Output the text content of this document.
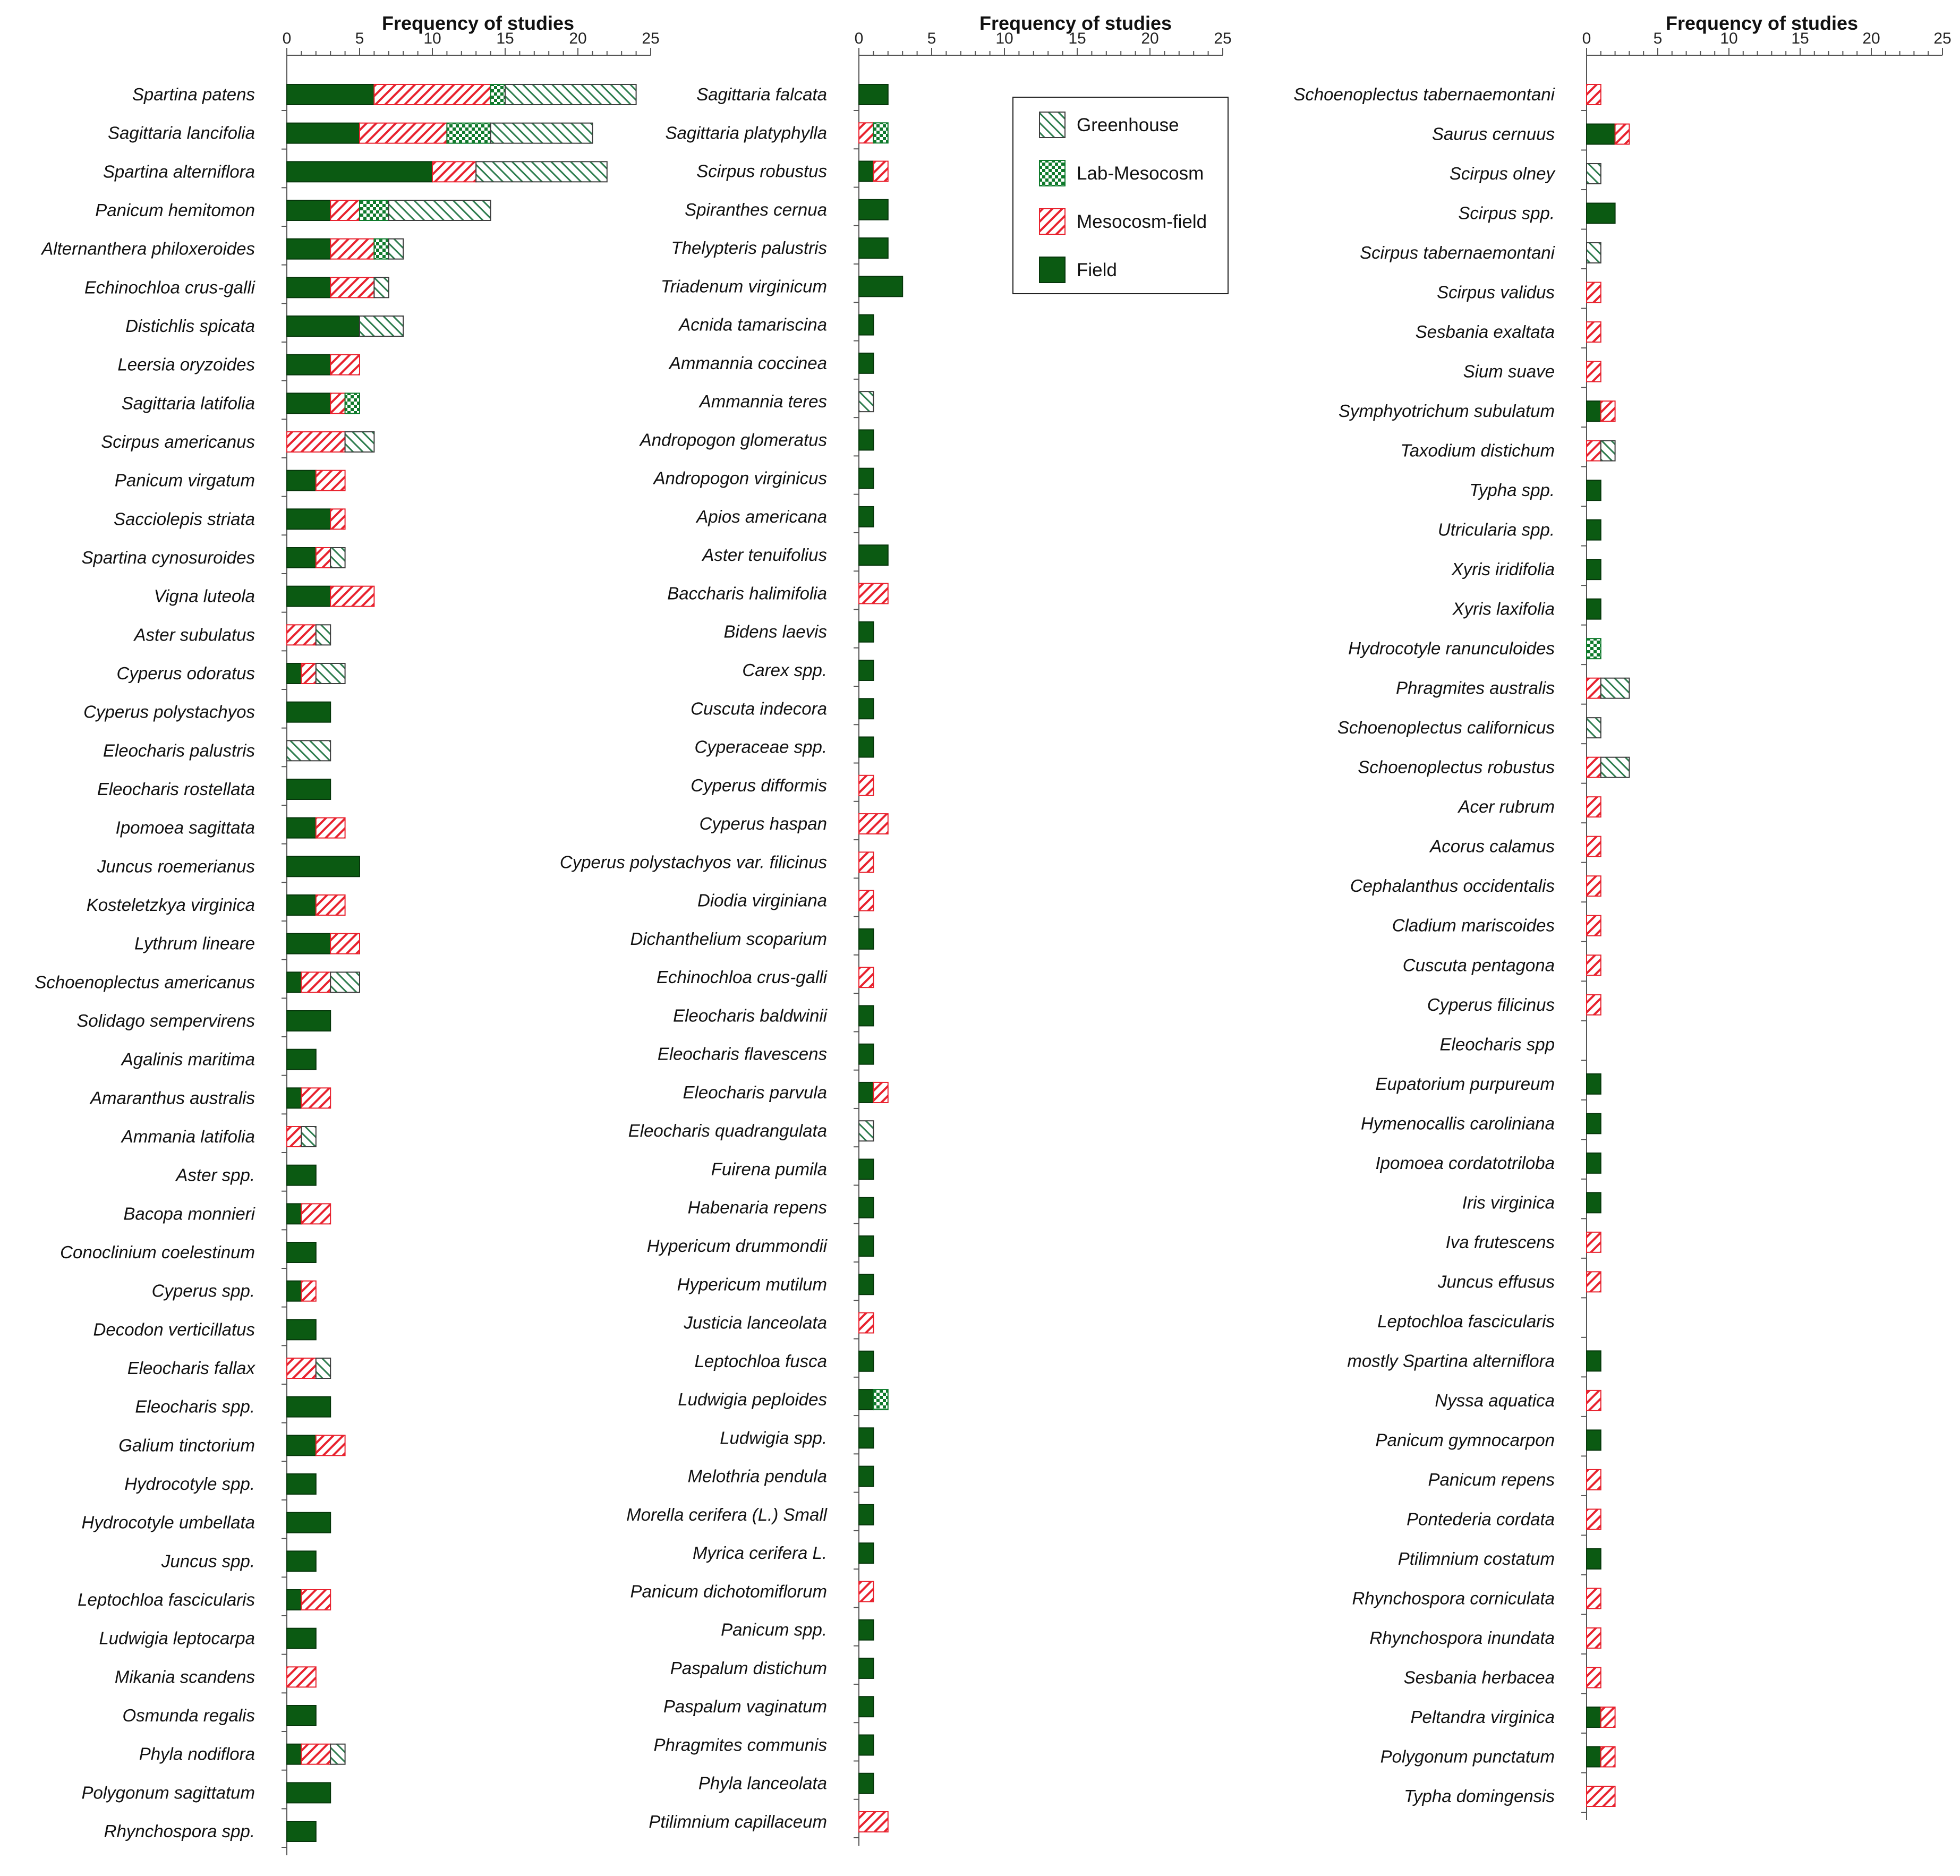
Frequency of studies
0	5	10	15	20	25
Spartina patens
Sagittaria lancifolia
Spartina alterniflora
Panicum hemitomon
Alternanthera philoxeroides
Echinochloa crus-galli
Distichlis spicata
Leersia oryzoides
Sagittaria latifolia
Scirpus americanus
Panicum virgatum
Sacciolepis striata
Spartina cynosuroides
Vigna luteola
Aster subulatus
Cyperus odoratus
Cyperus polystachyos
Eleocharis palustris
Eleocharis rostellata
Ipomoea sagittata
Juncus roemerianus
Kosteletzkya virginica
Lythrum lineare
Schoenoplectus americanus
Solidago sempervirens
Agalinis maritima
Amaranthus australis
Ammania latifolia
Aster spp.
Bacopa monnieri
Conoclinium coelestinum
Cyperus spp.
Decodon verticillatus
Eleocharis fallax
Eleocharis spp.
Galium tinctorium
Hydrocotyle spp.
Hydrocotyle umbellata
Juncus spp.
Leptochloa fascicularis
Ludwigia leptocarpa
Mikania scandens
Osmunda regalis
Phyla nodiflora
Polygonum sagittatum
Rhynchospora spp.
Frequency of studies
0	5	10	15	20	25
Sagittaria falcata
Sagittaria platyphylla
Scirpus robustus
Spiranthes cernua
Thelypteris palustris
Triadenum virginicum
Acnida tamariscina
Ammannia coccinea
Ammannia teres
Andropogon glomeratus
Andropogon virginicus
Apios americana
Aster tenuifolius
Baccharis halimifolia
Bidens laevis
Carex spp.
Cuscuta indecora
Cyperaceae spp.
Cyperus difformis
Cyperus haspan
Cyperus polystachyos var. filicinus
Diodia virginiana
Dichanthelium scoparium
Echinochloa crus-galli
Eleocharis baldwinii
Eleocharis flavescens
Eleocharis parvula
Eleocharis quadrangulata
Fuirena pumila
Habenaria repens
Hypericum drummondii
Hypericum mutilum
Justicia lanceolata
Leptochloa fusca
Ludwigia peploides
Ludwigia spp.
Melothria pendula
Morella cerifera (L.) Small
Myrica cerifera L.
Panicum dichotomiflorum
Panicum spp.
Paspalum distichum
Paspalum vaginatum
Phragmites communis
Phyla lanceolata
Ptilimnium capillaceum
Frequency of studies
0	5	10	15	20	25
Schoenoplectus tabernaemontani
Saurus cernuus
Scirpus olney
Scirpus spp.
Scirpus tabernaemontani
Scirpus validus
Sesbania exaltata
Sium suave
Symphyotrichum subulatum
Taxodium distichum
Typha spp.
Utricularia spp.
Xyris iridifolia
Xyris laxifolia
Hydrocotyle ranunculoides
Phragmites australis
Schoenoplectus californicus
Schoenoplectus robustus
Acer rubrum
Acorus calamus
Cephalanthus occidentalis
Cladium mariscoides
Cuscuta pentagona
Cyperus filicinus
Eleocharis spp
Eupatorium purpureum
Hymenocallis caroliniana
Ipomoea cordatotriloba
Iris virginica
Iva frutescens
Juncus effusus
Leptochloa fascicularis
mostly Spartina alterniflora
Nyssa aquatica
Panicum gymnocarpon
Panicum repens
Pontederia cordata
Ptilimnium costatum
Rhynchospora corniculata
Rhynchospora inundata
Sesbania herbacea
Peltandra virginica
Polygonum punctatum
Typha domingensis
Greenhouse
Lab-Mesocosm
Mesocosm-field
Field
